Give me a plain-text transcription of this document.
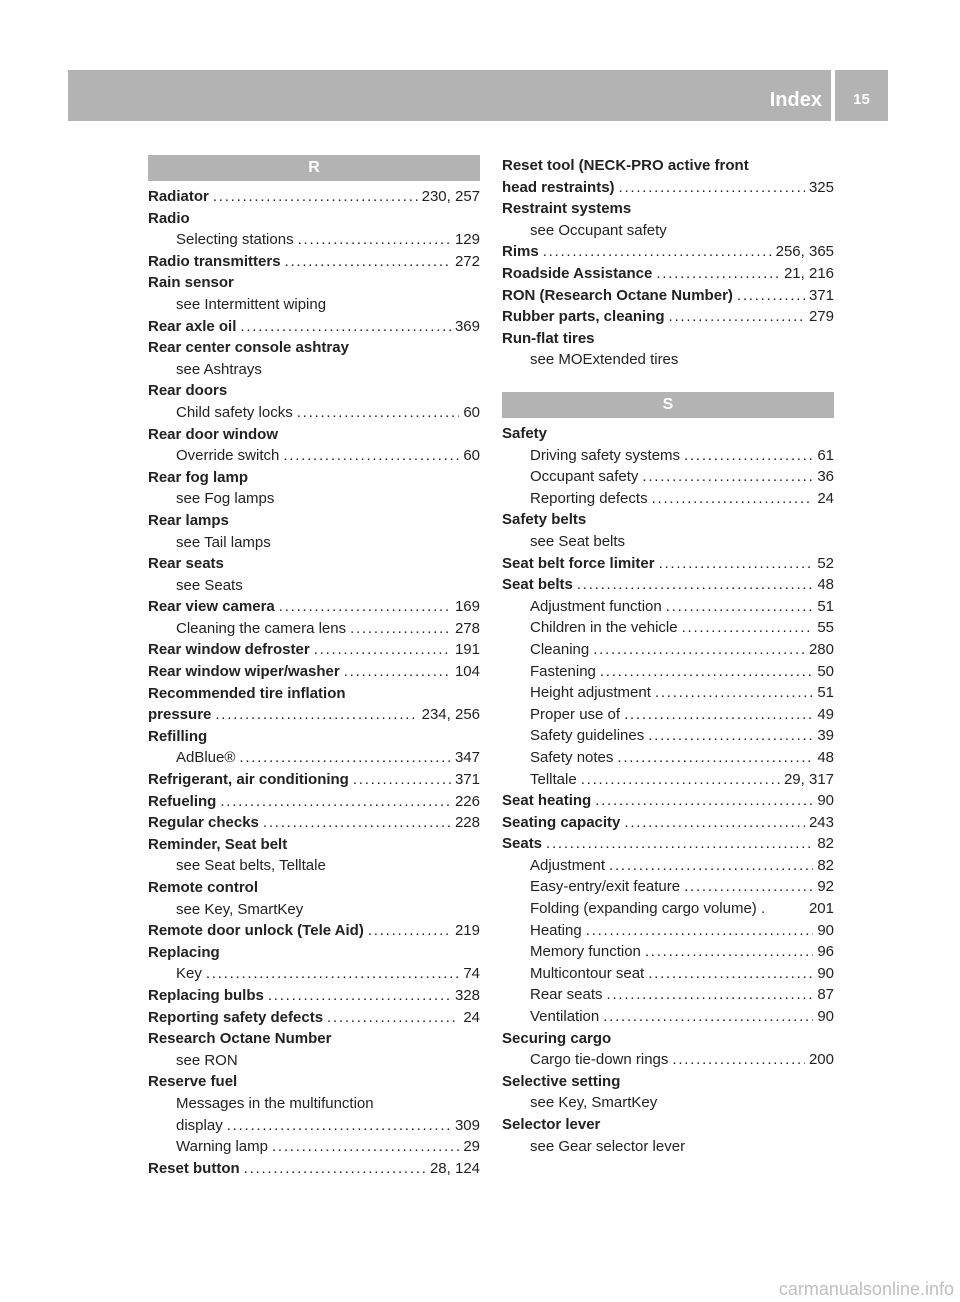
Index	15
R
Radiator . . .	230, 257
Radio
Selecting stations . . .	129
Radio transmitters . . .	272
Rain sensor
see Intermittent wiping
Rear axle oil . . .	369
Rear center console ashtray
see Ashtrays
Rear doors
Child safety locks . . .	60
Rear door window
Override switch . . .	60
Rear fog lamp
see Fog lamps
Rear lamps
see Tail lamps
Rear seats
see Seats
Rear view camera . . .	169
Cleaning the camera lens . . .	278
Rear window defroster . . .	191
Rear window wiper/washer . . .	104
Recommended tire inflation
pressure . . .	234, 256
Refilling
AdBlue® . . .	347
Refrigerant, air conditioning . . .	371
Refueling . . .	226
Regular checks . . .	228
Reminder, Seat belt
see Seat belts, Telltale
Remote control
see Key, SmartKey
Remote door unlock (Tele Aid) . . .	219
Replacing
Key . . .	74
Replacing bulbs . . .	328
Reporting safety defects . . .	24
Research Octane Number
see RON
Reserve fuel
Messages in the multifunction
display . . .	309
Warning lamp . . .	29
Reset button . . .	28, 124
Reset tool (NECK-PRO active front
head restraints) . . .	325
Restraint systems
see Occupant safety
Rims . . .	256, 365
Roadside Assistance . . .	21, 216
RON (Research Octane Number) . . .	371
Rubber parts, cleaning . . .	279
Run-flat tires
see MOExtended tires
S
Safety
Driving safety systems . . .	61
Occupant safety . . .	36
Reporting defects . . .	24
Safety belts
see Seat belts
Seat belt force limiter . . .	52
Seat belts . . .	48
Adjustment function . . .	51
Children in the vehicle . . .	55
Cleaning . . .	280
Fastening . . .	50
Height adjustment . . .	51
Proper use of . . .	49
Safety guidelines . . .	39
Safety notes . . .	48
Telltale . . .	29, 317
Seat heating . . .	90
Seating capacity . . .	243
Seats . . .	82
Adjustment . . .	82
Easy-entry/exit feature . . .	92
Folding (expanding cargo volume) .	201
Heating . . .	90
Memory function . . .	96
Multicontour seat . . .	90
Rear seats . . .	87
Ventilation . . .	90
Securing cargo
Cargo tie-down rings . . .	200
Selective setting
see Key, SmartKey
Selector lever
see Gear selector lever
carmanualsonline.info
